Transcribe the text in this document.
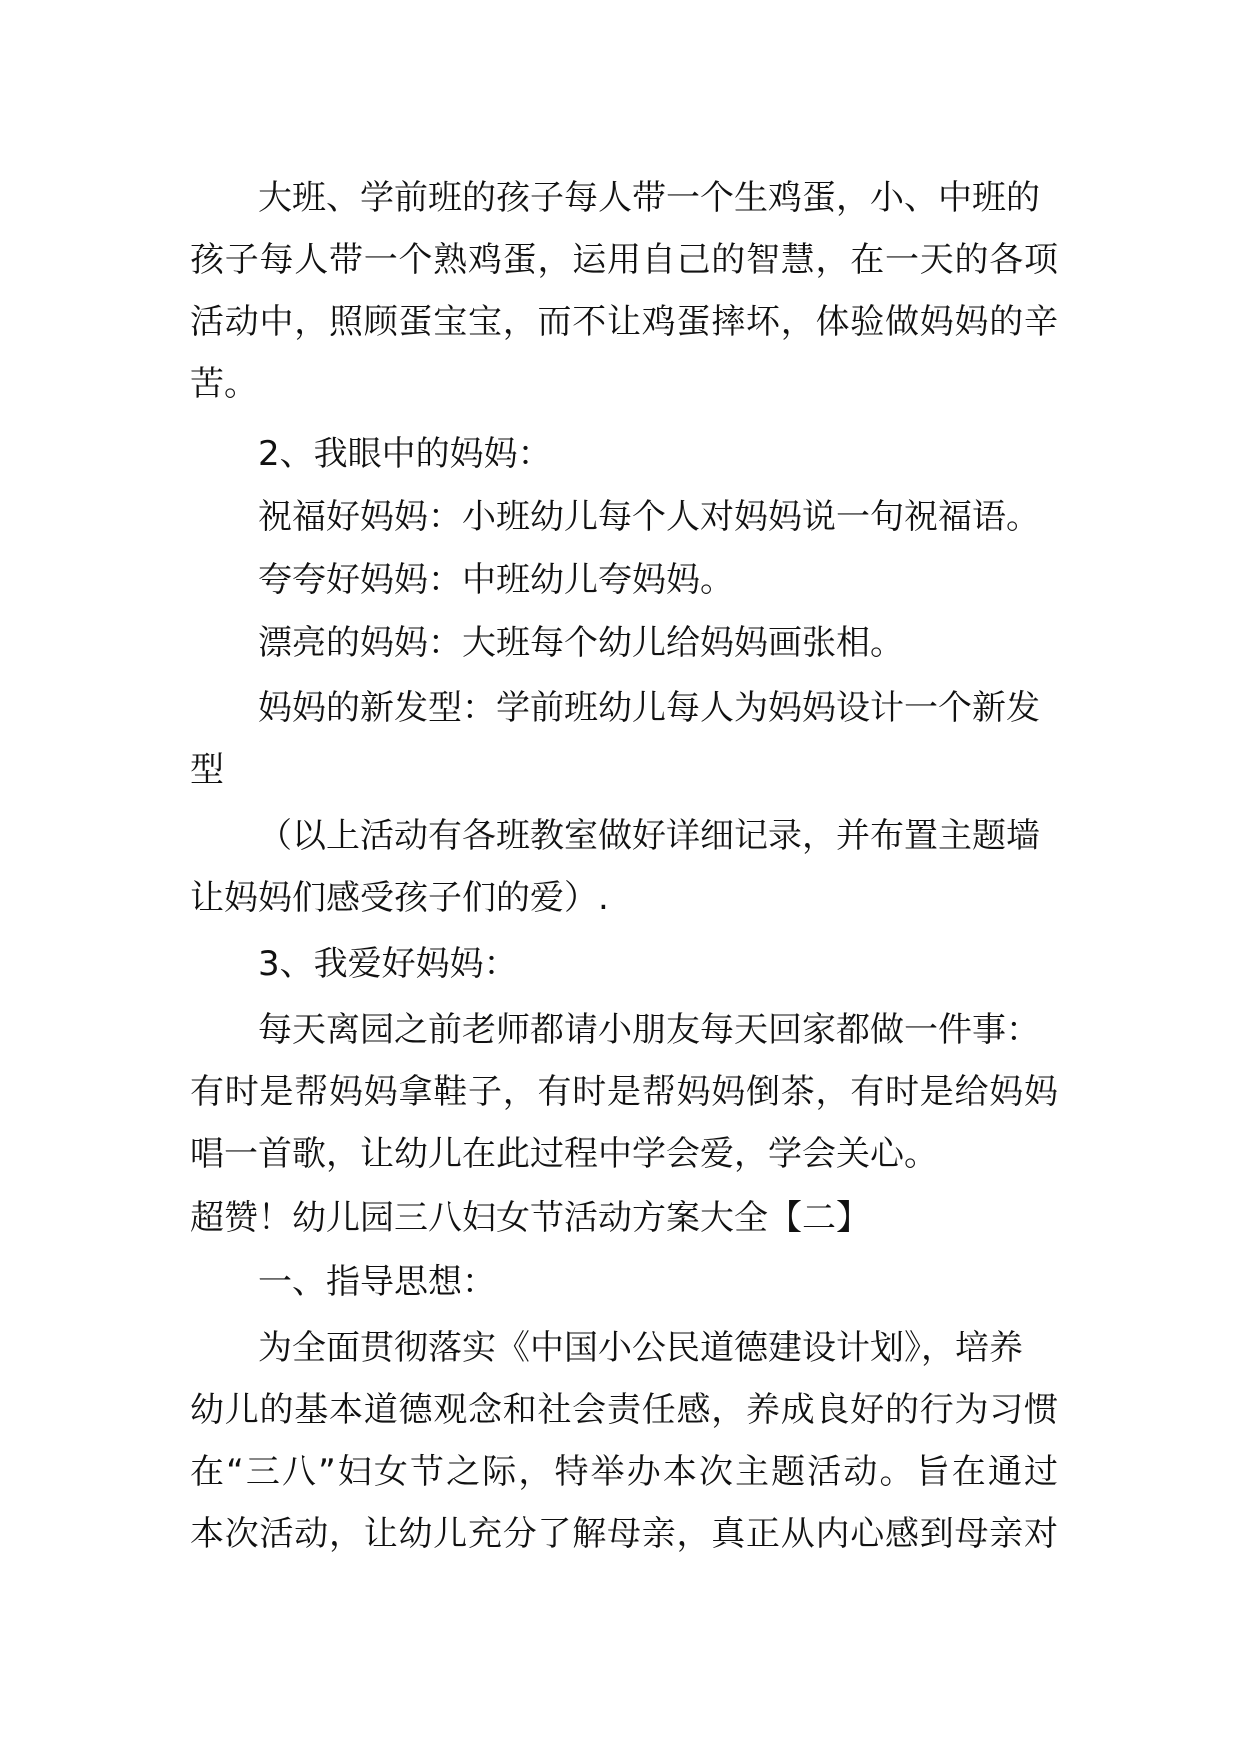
大班、学前班的孩子每人带一个生鸡蛋，小、中班的
孩子每人带一个熟鸡蛋，运用自己的智慧，在一天的各项
活动中，照顾蛋宝宝，而不让鸡蛋摔坏，体验做妈妈的辛
苦。
2、我眼中的妈妈：
祝福好妈妈：小班幼儿每个人对妈妈说一句祝福语。
夸夸好妈妈：中班幼儿夸妈妈。
漂亮的妈妈：大班每个幼儿给妈妈画张相。
妈妈的新发型：学前班幼儿每人为妈妈设计一个新发
型
（以上活动有各班教室做好详细记录，并布置主题墙
让妈妈们感受孩子们的爱）.
3、我爱好妈妈：
每天离园之前老师都请小朋友每天回家都做一件事：
有时是帮妈妈拿鞋子，有时是帮妈妈倒茶，有时是给妈妈
唱一首歌，让幼儿在此过程中学会爱，学会关心。
超赞！幼儿园三八妇女节活动方案大全【二】
一、指导思想：
为全面贯彻落实《中国小公民道德建设计划》，培养
幼儿的基本道德观念和社会责任感，养成良好的行为习惯
在“三八”妇女节之际，特举办本次主题活动。旨在通过
本次活动，让幼儿充分了解母亲，真正从内心感到母亲对
